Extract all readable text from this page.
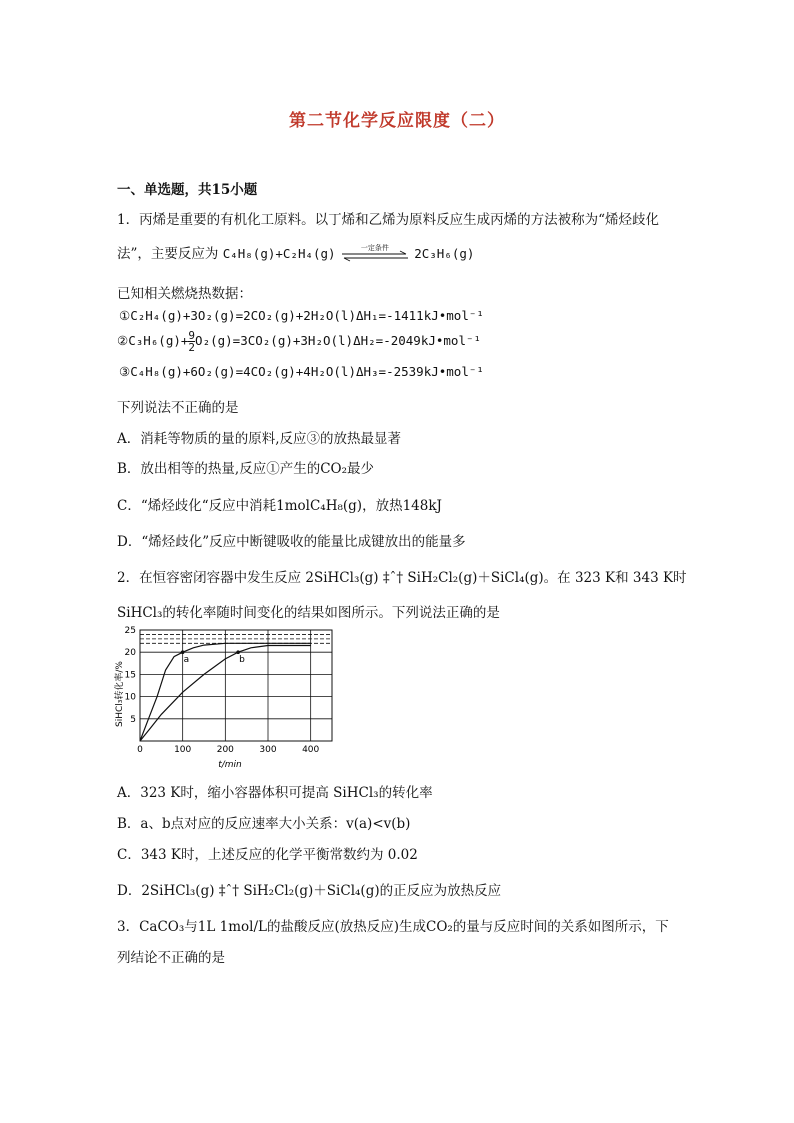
第二节化学反应限度（二）
一、单选题，共15小题
1．丙烯是重要的有机化工原料。以丁烯和乙烯为原料反应生成丙烯的方法被称为“烯烃歧化
法”，主要反应为 C₄H₈(g)+C₂H₄(g)	一定条件	2C₃H₆(g)
已知相关燃烧热数据：
①C₂H₄(g)+3O₂(g)=2CO₂(g)+2H₂O(l)ΔH₁=-1411kJ•mol⁻¹
②C₃H₆(g)+ $\frac{9}{2}$ O₂(g)=3CO₂(g)+3H₂O(l)ΔH₂=-2049kJ•mol⁻¹
③C₄H₈(g)+6O₂(g)=4CO₂(g)+4H₂O(l)ΔH₃=-2539kJ•mol⁻¹
下列说法不正确的是
A．消耗等物质的量的原料,反应③的放热最显著
B．放出相等的热量,反应①产生的CO₂最少
C．“烯烃歧化“反应中消耗1molC₄H₈(g)，放热148kJ
D．“烯烃歧化”反应中断键吸收的能量比成键放出的能量多
2．在恒容密闭容器中发生反应 2SiHCl₃(g) ‡ˆ† SiH₂Cl₂(g)＋SiCl₄(g)。在 323 K和 343 K时
SiHCl₃的转化率随时间变化的结果如图所示。下列说法正确的是
a	b
5
10
15
20
25
0	100	200	300	400
SiHCl₃转化率/%
t/min
A．323 K时，缩小容器体积可提高 SiHCl₃的转化率
B．a、b点对应的反应速率大小关系：v(a)<v(b)
C．343 K时，上述反应的化学平衡常数约为 0.02
D．2SiHCl₃(g) ‡ˆ† SiH₂Cl₂(g)＋SiCl₄(g)的正反应为放热反应
3．CaCO₃与1L 1mol/L的盐酸反应(放热反应)生成CO₂的量与反应时间的关系如图所示，下
列结论不正确的是
